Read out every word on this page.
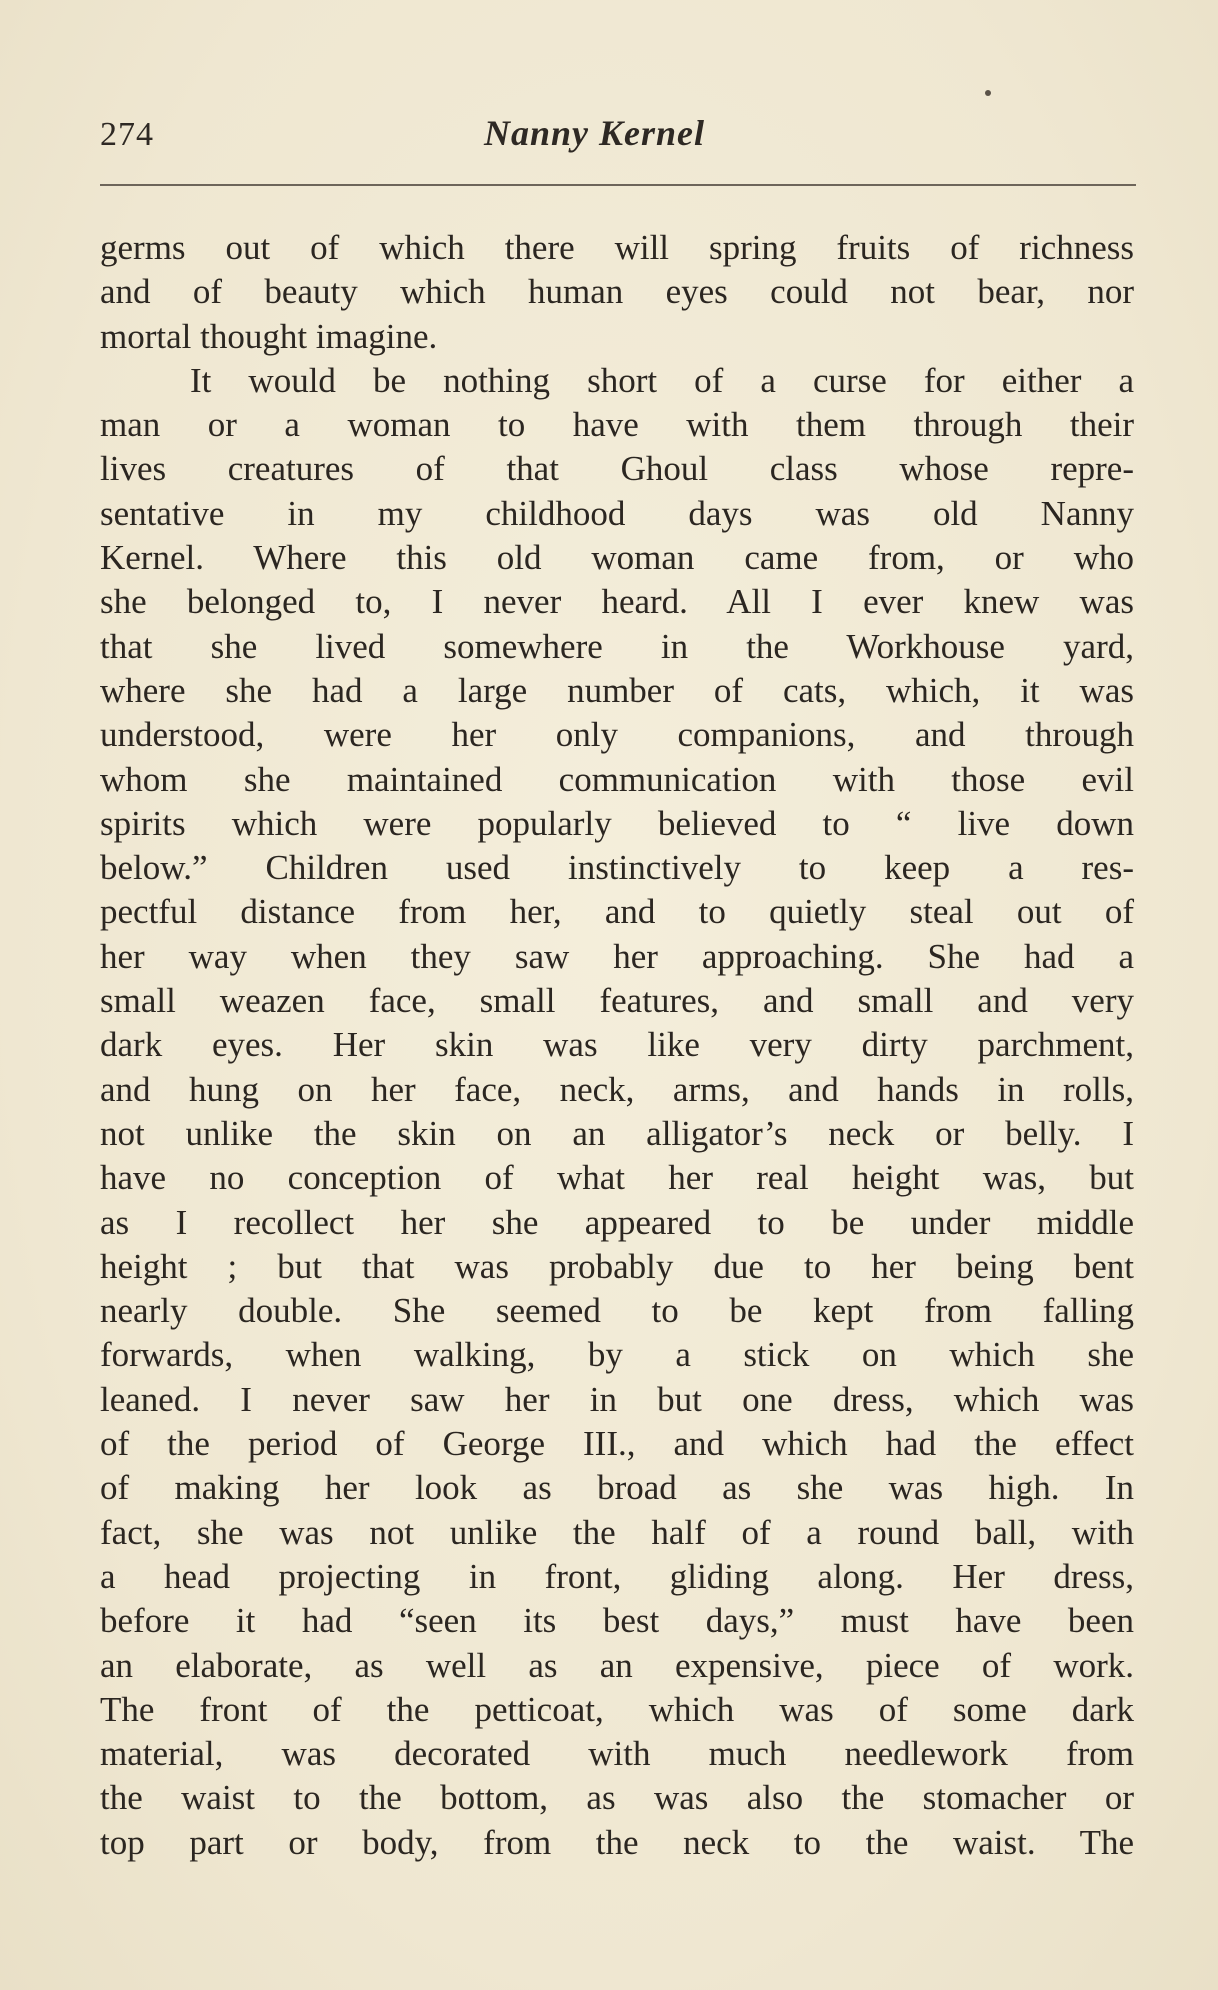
274	Nanny Kernel
germs out of which there will spring fruits of richness
and of beauty which human eyes could not bear, nor
mortal thought imagine.
It would be nothing short of a curse for either a
man or a woman to have with them through their
lives creatures of that Ghoul class whose repre-
sentative in my childhood days was old Nanny
Kernel. Where this old woman came from, or who
she belonged to, I never heard. All I ever knew was
that she lived somewhere in the Workhouse yard,
where she had a large number of cats, which, it was
understood, were her only companions, and through
whom she maintained communication with those evil
spirits which were popularly believed to “ live down
below.” Children used instinctively to keep a res-
pectful distance from her, and to quietly steal out of
her way when they saw her approaching. She had a
small weazen face, small features, and small and very
dark eyes. Her skin was like very dirty parchment,
and hung on her face, neck, arms, and hands in rolls,
not unlike the skin on an alligator’s neck or belly. I
have no conception of what her real height was, but
as I recollect her she appeared to be under middle
height ; but that was probably due to her being bent
nearly double. She seemed to be kept from falling
forwards, when walking, by a stick on which she
leaned. I never saw her in but one dress, which was
of the period of George III., and which had the effect
of making her look as broad as she was high. In
fact, she was not unlike the half of a round ball, with
a head projecting in front, gliding along. Her dress,
before it had “seen its best days,” must have been
an elaborate, as well as an expensive, piece of work.
The front of the petticoat, which was of some dark
material, was decorated with much needlework from
the waist to the bottom, as was also the stomacher or
top part or body, from the neck to the waist. The
